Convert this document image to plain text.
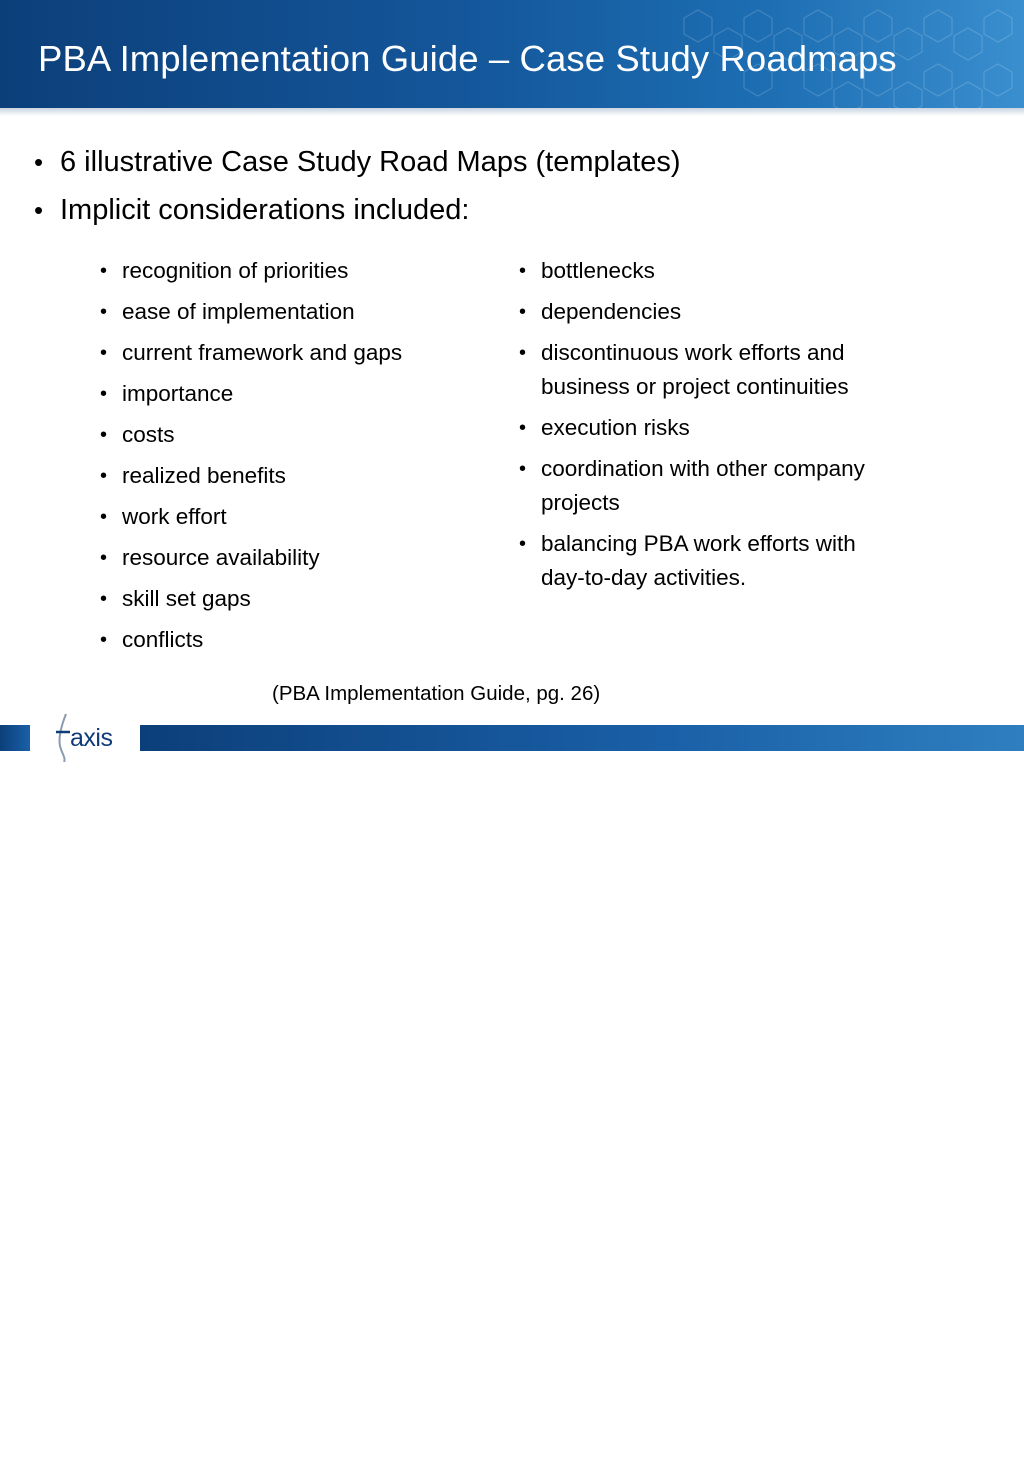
PBA Implementation Guide – Case Study Roadmaps
• 6 illustrative Case Study Road Maps (templates)
• Implicit considerations included:
• recognition of priorities
• ease of implementation
• current framework and gaps
• importance
• costs
• realized benefits
• work effort
• resource availability
• skill set gaps
• conflicts
• bottlenecks
• dependencies
• discontinuous work efforts and business or project continuities
• execution risks
• coordination with other company projects
• balancing PBA work efforts with day-to-day activities.
(PBA Implementation Guide, pg. 26)
21
axis
